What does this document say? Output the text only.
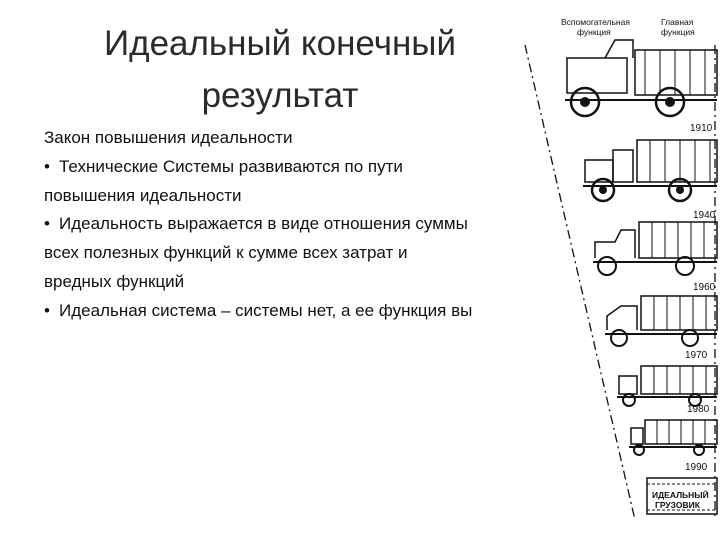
Идеальный конечный
результат
Закон повышения идеальности
• Технические Системы развиваются по пути
повышения идеальности
• Идеальность выражается в виде отношения суммы
всех полезных функций к сумме всех затрат и
вредных функций
• Идеальная система – системы нет, а ее функция вы
Вспомогательная
функция
Главная
функция
1910
1940
1960
1970
1980
1990
ИДЕАЛЬНЫЙ
ГРУЗОВИК
